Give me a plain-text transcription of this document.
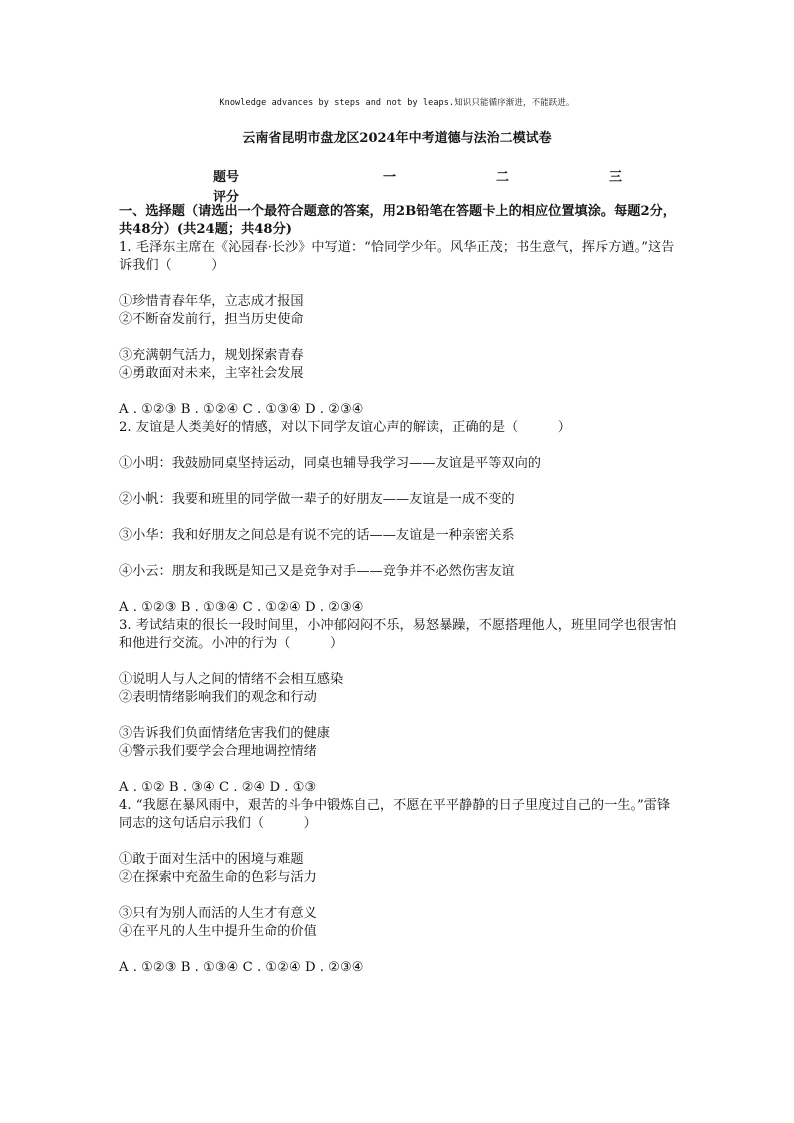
Knowledge advances by steps and not by leaps.知识只能循序渐进，不能跃进。
云南省昆明市盘龙区2024年中考道德与法治二模试卷
题号	一	二	三
评分
一、选择题（请选出一个最符合题意的答案，用2B铅笔在答题卡上的相应位置填涂。每题2分，共48分）(共24题；共48分)
1. 毛泽东主席在《沁园春·长沙》中写道：“恰同学少年。风华正茂；书生意气，挥斥方遒。”这告诉我们（　　　）
①珍惜青春年华，立志成才报国
②不断奋发前行，担当历史使命
③充满朝气活力，规划探索青春
④勇敢面对未来，主宰社会发展
A . ①②③ B . ①②④ C . ①③④ D . ②③④
2. 友谊是人类美好的情感，对以下同学友谊心声的解读，正确的是（　　　）
①小明：我鼓励同桌坚持运动，同桌也辅导我学习——友谊是平等双向的
②小帆：我要和班里的同学做一辈子的好朋友——友谊是一成不变的
③小华：我和好朋友之间总是有说不完的话——友谊是一种亲密关系
④小云：朋友和我既是知己又是竞争对手——竞争并不必然伤害友谊
A . ①②③ B . ①③④ C . ①②④ D . ②③④
3. 考试结束的很长一段时间里，小冲郁闷闷不乐，易怒暴躁，不愿搭理他人，班里同学也很害怕和他进行交流。小冲的行为（　　　）
①说明人与人之间的情绪不会相互感染
②表明情绪影响我们的观念和行动
③告诉我们负面情绪危害我们的健康
④警示我们要学会合理地调控情绪
A . ①② B . ③④ C . ②④ D . ①③
4. “我愿在暴风雨中，艰苦的斗争中锻炼自己，不愿在平平静静的日子里度过自己的一生。”雷锋同志的这句话启示我们（　　　）
①敢于面对生活中的困境与难题
②在探索中充盈生命的色彩与活力
③只有为别人而活的人生才有意义
④在平凡的人生中提升生命的价值
A . ①②③ B . ①③④ C . ①②④ D . ②③④
